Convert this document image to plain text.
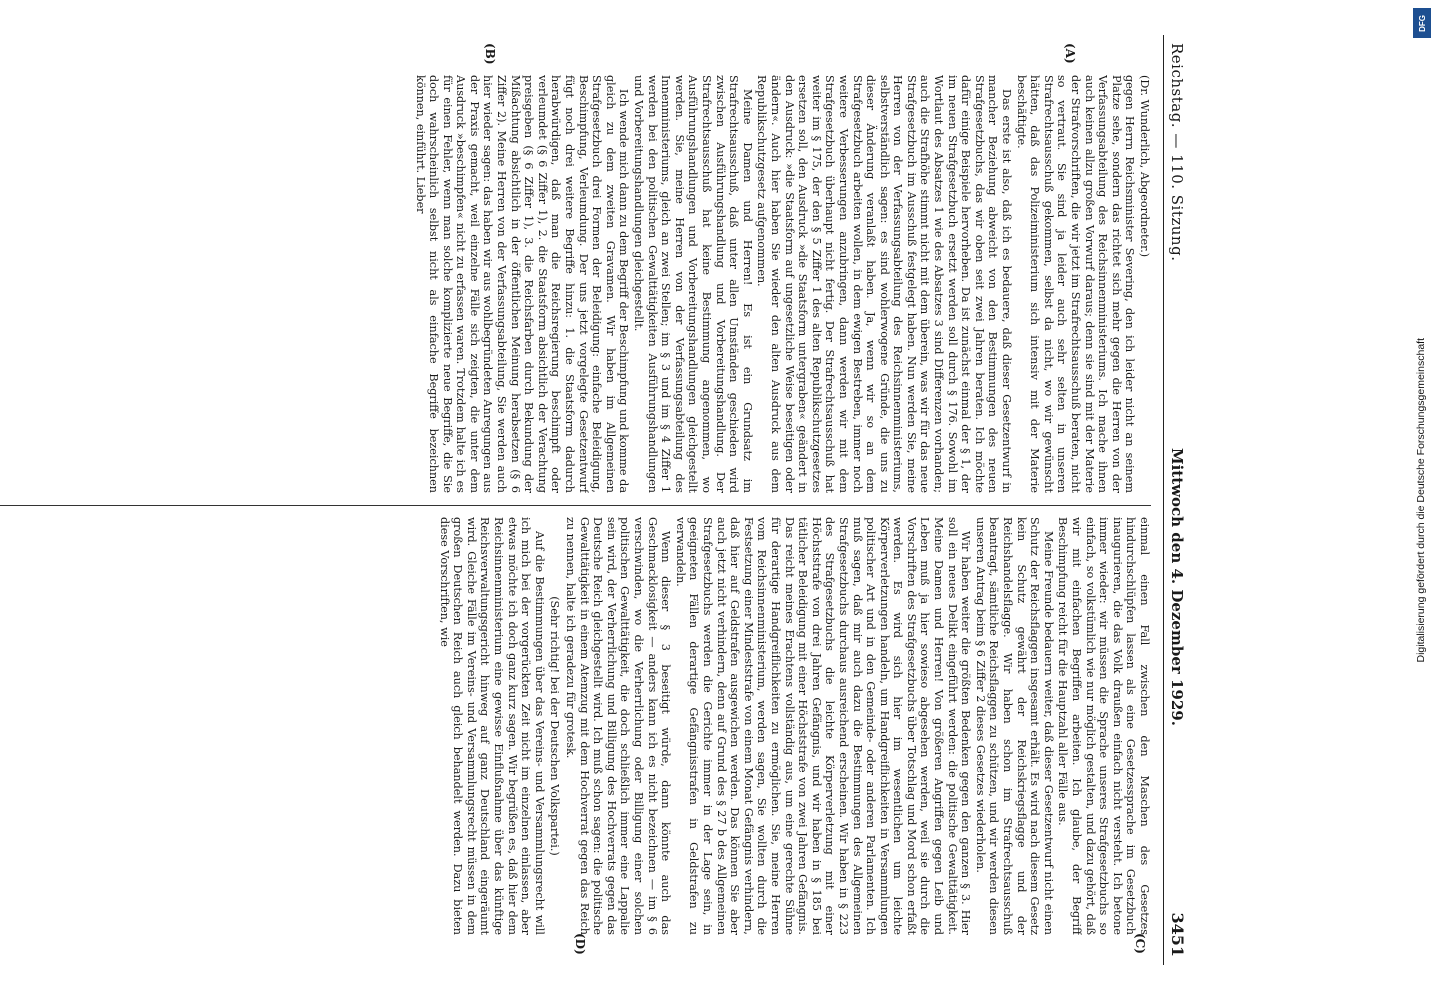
Reichstag. — 110. Sitzung.
Mittwoch den 4. Dezember 1929.
3451
(A)
(B)
(C)
(D)

(Dr. Wunderlich, Abgeordneter.)

gegen Herrn Reichsminister Severing, den ich leider nicht an seinem Platze sehe, sondern das richtet sich mehr gegen die Herren von der Verfassungsabteilung des Reichsinnenministeriums. Ich mache ihnen auch keinen allzu großen Vorwurf daraus; denn sie sind mit der Materie der Strafvorschriften, die wir jetzt im Strafrechtsausschuß beraten, nicht so vertraut. Sie sind ja leider auch sehr selten in unseren Strafrechtsausschuß gekommen, selbst da nicht, wo wir gewünscht hätten, daß das Polizeiministerium sich intensiv mit der Materie beschäftigte.

Das erste ist also, daß ich es bedauere, daß dieser Gesetzentwurf in mancher Beziehung abweicht von den Bestimmungen des neuen Strafgesetzbuchs, das wir oben seit zwei Jahren beraten. Ich möchte dafür einige Beispiele hervorheben. Da ist zunächst einmal der § 1, der im neuen Strafgesetzbuch ersetzt werden soll durch § 176. Sowohl im Wortlaut des Absatzes 1 wie des Absatzes 3 sind Differenzen vorhanden; auch die Strafhöhe stimmt nicht mit dem überein, was wir für das neue Strafgesetzbuch im Ausschuß festgelegt haben. Nun werden Sie, meine Herren von der Verfassungsabteilung des Reichsinnenministeriums, selbstverständlich sagen: es sind wohlerwogene Gründe, die uns zu dieser Änderung veranlaßt haben. Ja, wenn wir so an dem Strafgesetzbuch arbeiten wollen, in dem ewigen Bestreben, immer noch weitere Verbesserungen anzubringen, dann werden wir mit dem Strafgesetzbuch überhaupt nicht fertig. Der Strafrechtsausschuß hat weiter im § 175, der den § 5 Ziffer 1 des alten Republikschutzgesetzes ersetzen soll, den Ausdruck »die Staatsform untergraben« geändert in den Ausdruck: »die Staatsform auf ungesetzliche Weise beseitigen oder ändern«. Auch hier haben Sie wieder den alten Ausdruck aus dem Republikschutzgesetz aufgenommen.

Meine Damen und Herren! Es ist ein Grundsatz im Strafrechtsausschuß, daß unter allen Umständen geschieden wird zwischen Ausführungshandlung und Vorbereitungshandlung. Der Strafrechtsausschuß hat keine Bestimmung angenommen, wo Ausführungshandlungen und Vorbereitungshandlungen gleichgestellt werden. Sie, meine Herren von der Verfassungsabteilung des Innenministeriums, gleich an zwei Stellen; im § 3 und im § 4 Ziffer 1 werden bei den politischen Gewalttätigkeiten Ausführungshandlungen und Vorbereitungshandlungen gleichgestellt.

Ich wende mich dann zu dem Begriff der Beschimpfung und komme da gleich zu dem zweiten Gravamen. Wir haben im Allgemeinen Strafgesetzbuch drei Formen der Beleidigung: einfache Beleidigung, Beschimpfung, Verleumdung. Der uns jetzt vorgelegte Gesetzentwurf fügt noch drei weitere Begriffe hinzu: 1. die Staatsform dadurch herabwürdigen, daß man die Reichsregierung beschimpft oder verleumdet (§ 6 Ziffer 1), 2. die Staatsform absichtlich der Verachtung preisgeben (§ 6 Ziffer 1), 3. die Reichsfarben durch Bekundung der Mißachtung absichtlich in der öffentlichen Meinung herabsetzen (§ 6 Ziffer 2). Meine Herren von der Verfassungsabteilung, Sie werden auch hier wieder sagen: das haben wir aus wohlbegründeten Anregungen aus der Praxis gemacht, weil einzelne Fälle sich zeigten, die unter dem Ausdruck »beschimpfen« nicht zu erfassen waren. Trotzdem halte ich es für einen Fehler, wenn man solche komplizierte neue Begriffe, die Sie doch wahrscheinlich selbst nicht als einfache Begriffe bezeichnen können, einführt. Lieber

einmal einen Fall zwischen den Maschen des Gesetzes hindurchschlüpfen lassen als eine Gesetzessprache im Gesetzbuch inaugurieren, die das Volk draußen einfach nicht versteht. Ich betone immer wieder: wir müssen die Sprache unseres Strafgesetzbuchs so einfach, so volkstümlich wie nur möglich gestalten, und dazu gehört, daß wir mit einfachen Begriffen arbeiten. Ich glaube, der Begriff Beschimpfung reicht für die Hauptzahl aller Fälle aus.

Meine Freunde bedauern weiter, daß dieser Gesetzentwurf nicht einen Schutz der Reichsflaggen insgesamt erhält. Es wird nach diesem Gesetz kein Schutz gewährt der Reichskriegsflagge und der Reichshandelsflagge. Wir haben schon im Strafrechtsausschuß beantragt, sämtliche Reichsflaggen zu schützen, und wir werden diesen unseren Antrag beim § 6 Ziffer 2 dieses Gesetzes wiederholen.

Wir haben weiter die größten Bedenken gegen den ganzen § 3. Hier soll ein neues Delikt eingeführt werden: die politische Gewalttätigkeit. Meine Damen und Herren! Von größeren Angriffen gegen Leib und Leben muß ja hier sowieso abgesehen werden, weil sie durch die Vorschriften des Strafgesetzbuchs über Totschlag und Mord schon erfaßt werden. Es wird sich hier im wesentlichen um leichte Körperverletzungen handeln, um Handgreiflichkeiten in Versammlungen politischer Art und in den Gemeinde- oder anderen Parlamenten. Ich muß sagen, daß mir auch dazu die Bestimmungen des Allgemeinen Strafgesetzbuchs durchaus ausreichend erscheinen. Wir haben in § 223 des Strafgesetzbuchs die leichte Körperverletzung mit einer Höchststrafe von drei Jahren Gefängnis, und wir haben in § 185 bei tätlicher Beleidigung mit einer Höchststrafe von zwei Jahren Gefängnis. Das reicht meines Erachtens vollständig aus, um eine gerechte Sühne für derartige Handgreiflichkeiten zu ermöglichen. Sie, meine Herren vom Reichsinnenministerium, werden sagen, Sie wollten durch die Festsetzung einer Mindeststrafe von einem Monat Gefängnis verhindern, daß hier auf Geldstrafen ausgewichen werden. Das können Sie aber auch jetzt nicht verhindern, denn auf Grund des § 27 b des Allgemeinen Strafgesetzbuchs werden die Gerichte immer in der Lage sein, in geeigneten Fällen derartige Gefängnisstrafen in Geldstrafen zu verwandeln.

Wenn dieser § 3 beseitigt würde, dann könnte auch das Geschmacklosigkeit — anders kann ich es nicht bezeichnen — im § 6 verschwinden, wo die Verherrlichung oder Billigung einer solchen politischen Gewalttätigkeit, die doch schließlich immer eine Lappalie sein wird, der Verherrlichung und Billigung des Hochverrats gegen das Deutsche Reich gleichgestellt wird. Ich muß schon sagen: die politische Gewalttätigkeit in einem Atemzug mit dem Hochverrat gegen das Reich zu nennen, halte ich geradezu für grotesk.

(Sehr richtig! bei der Deutschen Volkspartei.)

Auf die Bestimmungen über das Vereins- und Versammlungsrecht will ich mich bei der vorgerückten Zeit nicht im einzelnen einlassen, aber etwas möchte ich doch ganz kurz sagen. Wir begrüßen es, daß hier dem Reichsinnenministerium eine gewisse Einflußnahme über das künftige Reichsverwaltungsgericht hinweg auf ganz Deutschland eingeräumt wird. Gleiche Fälle im Vereins- und Versammlungsrecht müssen in dem großen Deutschen Reich auch gleich behandelt werden. Dazu bieten diese Vorschriften, wie	Digitalisierung gefördert durch die Deutsche Forschungsgemeinschaft
DFG
